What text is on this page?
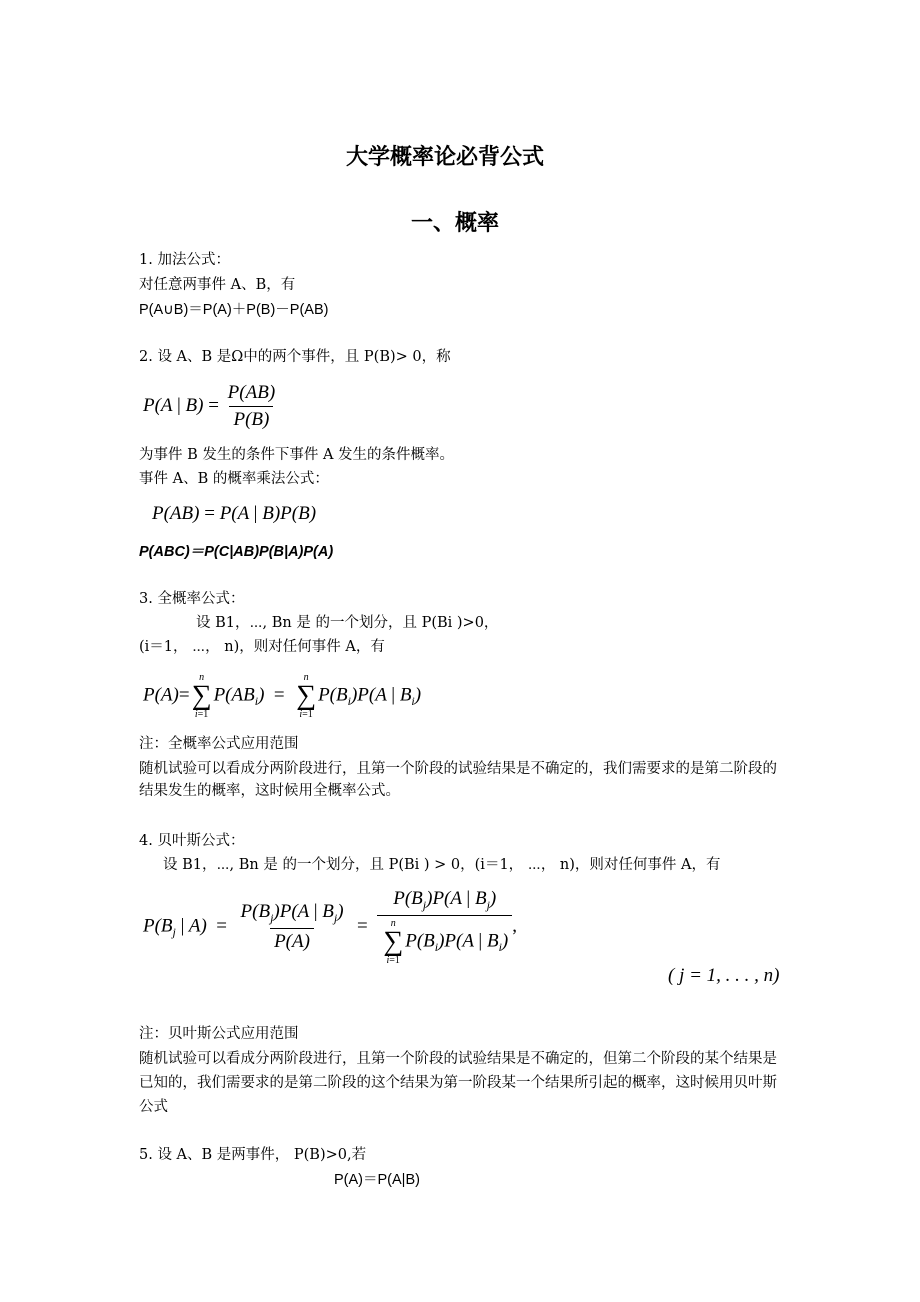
大学概率论必背公式
一、概率
1. 加法公式：
对任意两事件 A、B，有
P(A∪B)＝P(A)＋P(B)－P(AB)
2. 设 A、B 是Ω中的两个事件，且 P(B)> 0，称
P(A | $B) = \frac{P(AB)}{P(B)}$
为事件 B 发生的条件下事件 A 发生的条件概率。
事件 A、B 的概率乘法公式：
P(AB) = P(A | B)P(B)
P(ABC)＝P(C|AB)P(B|A)P(A)
3. 全概率公式：
设 B1，⋯, Bn 是 的一个划分，且 P(Bi )>0，
(i＝1， ⋯， n)，则对任何事件 A，有
P(A)=
n
∑
i=1
$P(AB_i)$  =
n
∑
i=1
$P(B_i)P(A$ | $B_i$)
注：全概率公式应用范围
随机试验可以看成分两阶段进行，且第一个阶段的试验结果是不确定的，我们需要求的是第二阶段的结果发生的概率，这时候用全概率公式。
4. 贝叶斯公式：
设 B1，⋯, Bn 是 的一个划分，且 P(Bi ) > 0，(i＝1， ⋯， n)，则对任何事件 A，有
$P(B_j$ | $A) = \frac{P(B_j)P(A | B_j)}{P(A)} = P(B_j)P(A$ | $B_j$)
n
∑
i=1
$P(B_i)P(A$ | $B_i$) ,
( j = 1, . . . , n)
注：贝叶斯公式应用范围
随机试验可以看成分两阶段进行，且第一个阶段的试验结果是不确定的，但第二个阶段的某个结果是已知的，我们需要求的是第二阶段的这个结果为第一阶段某一个结果所引起的概率，这时候用贝叶斯公式
5. 设 A、B 是两事件， P(B)>0,若
P(A)＝P(A|B)
